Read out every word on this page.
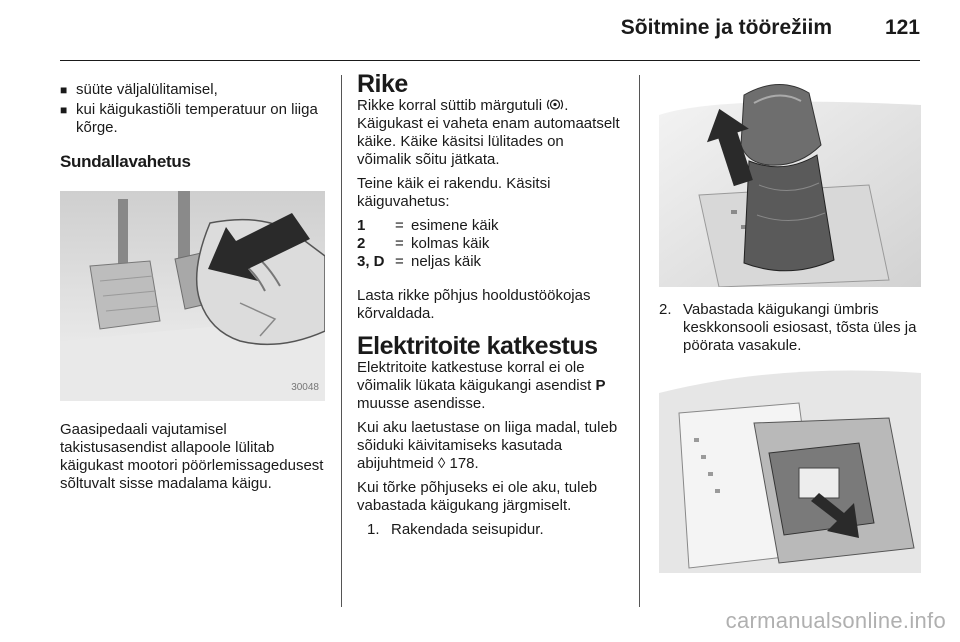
Sõitmine ja töörežiim	121
■ süüte väljalülitamisel,
■ kui käigukastiõli temperatuur on liiga kõrge.
Sundallavahetus
30048

Gaasipedaali vajutamisel takistusasendist allapoole lülitab käigukast mootori pöörlemissagedusest sõltuvalt sisse madalama käigu.

Rike

Rikke korral süttib märgutuli . Käigukast ei vaheta enam automaatselt käike. Käike käsitsi lülitades on võimalik sõitu jätkata.

Teine käik ei rakendu. Käsitsi käiguvahetus:

1	=	esimene käik
2	=	kolmas käik
3, D	=	neljas käik

Lasta rikke põhjus hooldustöökojas kõrvaldada.

Elektritoite katkestus

Elektritoite katkestuse korral ei ole võimalik lükata käigukangi asendist P muusse asendisse.

Kui aku laetustase on liiga madal, tuleb sõiduki käivitamiseks kasutada abijuhtmeid ◊ 178.

Kui tõrke põhjuseks ei ole aku, tuleb vabastada käigukang järgmiselt.

1. Rakendada seisupidur.
2. Vabastada käigukangi ümbris keskkonsooli esiosast, tõsta üles ja pöörata vasakule.
carmanualsonline.info
